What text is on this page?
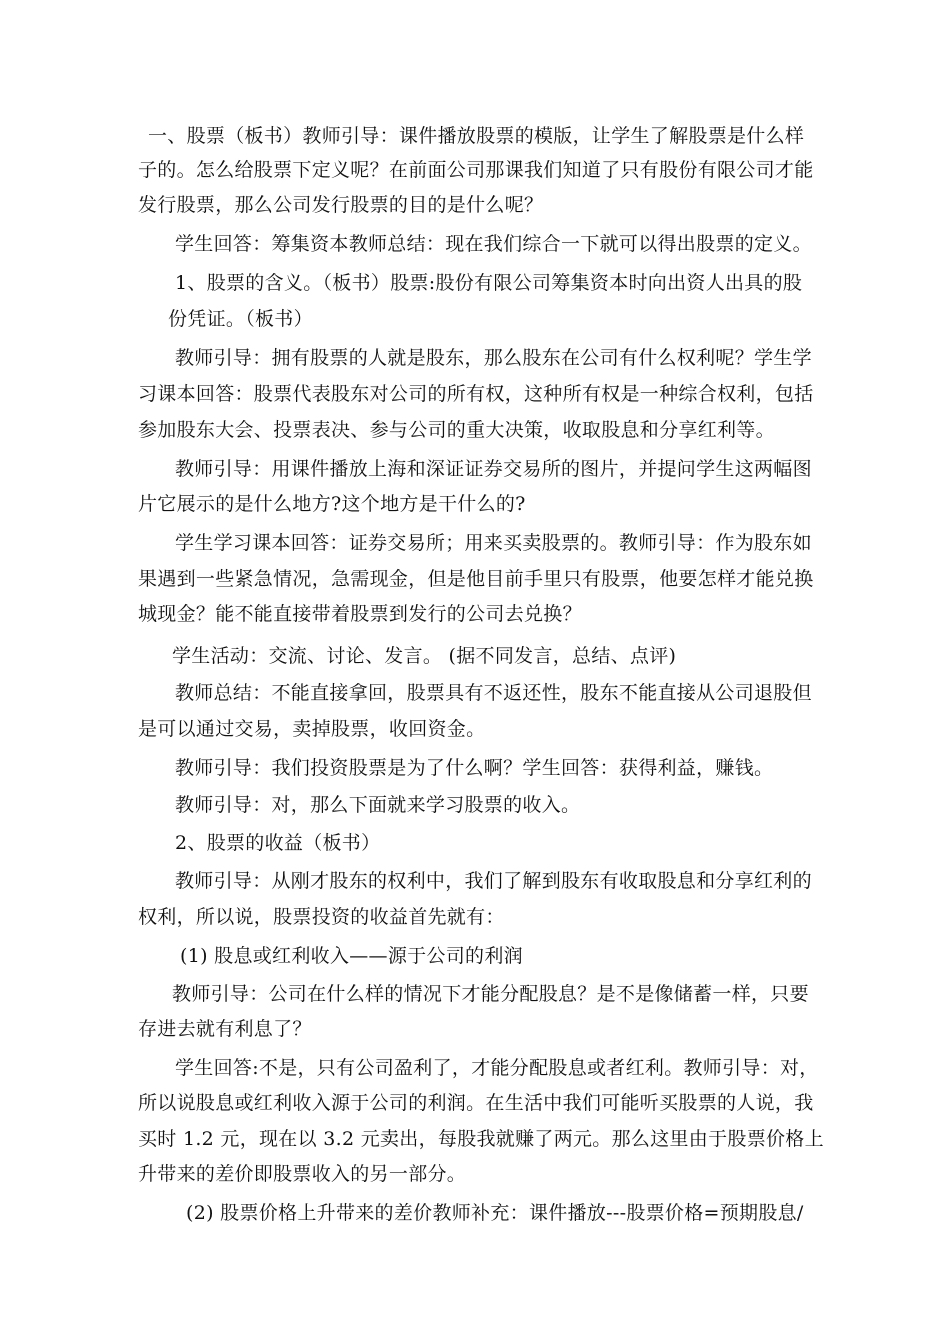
一、股票（板书）教师引导：课件播放股票的模版，让学生了解股票是什么样
子的。怎么给股票下定义呢？在前面公司那课我们知道了只有股份有限公司才能
发行股票，那么公司发行股票的目的是什么呢？
学生回答：筹集资本教师总结：现在我们综合一下就可以得出股票的定义。
1、股票的含义。（板书）股票:股份有限公司筹集资本时向出资人出具的股
份凭证。（板书）
教师引导：拥有股票的人就是股东，那么股东在公司有什么权利呢？学生学
习课本回答：股票代表股东对公司的所有权，这种所有权是一种综合权利，包括
参加股东大会、投票表决、参与公司的重大决策，收取股息和分享红利等。
教师引导：用课件播放上海和深证证券交易所的图片，并提问学生这两幅图
片它展示的是什么地方?这个地方是干什么的?
学生学习课本回答：证券交易所；用来买卖股票的。教师引导：作为股东如
果遇到一些紧急情况，急需现金，但是他目前手里只有股票，他要怎样才能兑换
城现金？能不能直接带着股票到发行的公司去兑换？
学生活动：交流、讨论、发言。 (据不同发言，总结、点评)
教师总结：不能直接拿回，股票具有不返还性，股东不能直接从公司退股但
是可以通过交易，卖掉股票，收回资金。
教师引导：我们投资股票是为了什么啊？学生回答：获得利益，赚钱。
教师引导：对，那么下面就来学习股票的收入。
2、股票的收益（板书）
教师引导：从刚才股东的权利中，我们了解到股东有收取股息和分享红利的
权利，所以说，股票投资的收益首先就有：
(1) 股息或红利收入——源于公司的利润
教师引导：公司在什么样的情况下才能分配股息？是不是像储蓄一样，只要
存进去就有利息了？
学生回答:不是，只有公司盈利了，才能分配股息或者红利。教师引导：对，
所以说股息或红利收入源于公司的利润。在生活中我们可能听买股票的人说，我
买时 1.2 元，现在以 3.2 元卖出，每股我就赚了两元。那么这里由于股票价格上
升带来的差价即股票收入的另一部分。
(2) 股票价格上升带来的差价教师补充：课件播放---股票价格=预期股息/
